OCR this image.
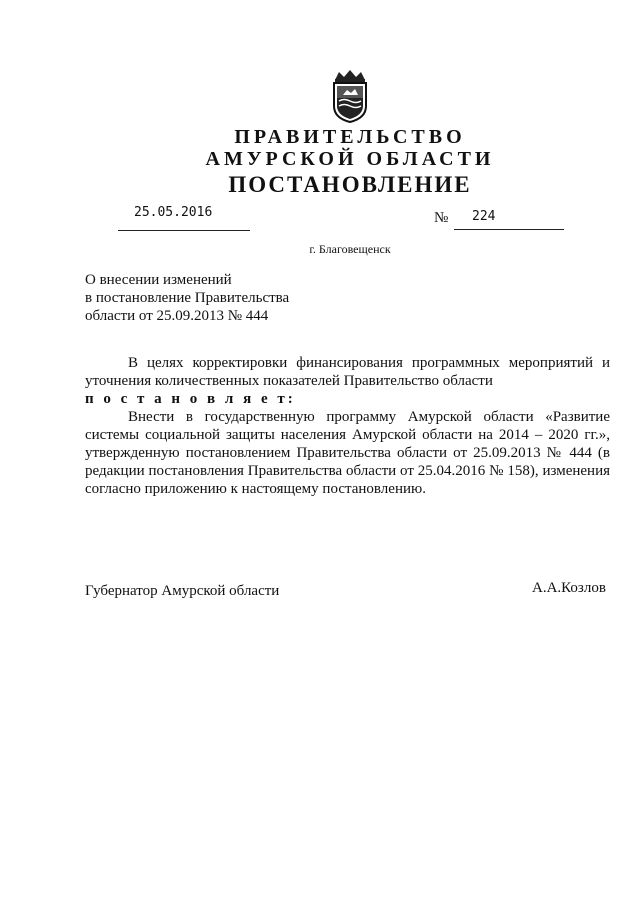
ПРАВИТЕЛЬСТВО
АМУРСКОЙ ОБЛАСТИ
ПОСТАНОВЛЕНИЕ
25.05.2016	№ 224
г. Благовещенск
О внесении изменений
в постановление Правительства
области от 25.09.2013 № 444

В целях корректировки финансирования программных мероприятий и уточнения количественных показателей Правительство области

п о с т а н о в л я е т:

Внести в государственную программу Амурской области «Развитие системы социальной защиты населения Амурской области на 2014 – 2020 гг.», утвержденную постановлением Правительства области от 25.09.2013 № 444 (в редакции постановления Правительства области от 25.04.2016 № 158), изменения согласно приложению к настоящему постановлению.

Губернатор Амурской области	А.А.Козлов
